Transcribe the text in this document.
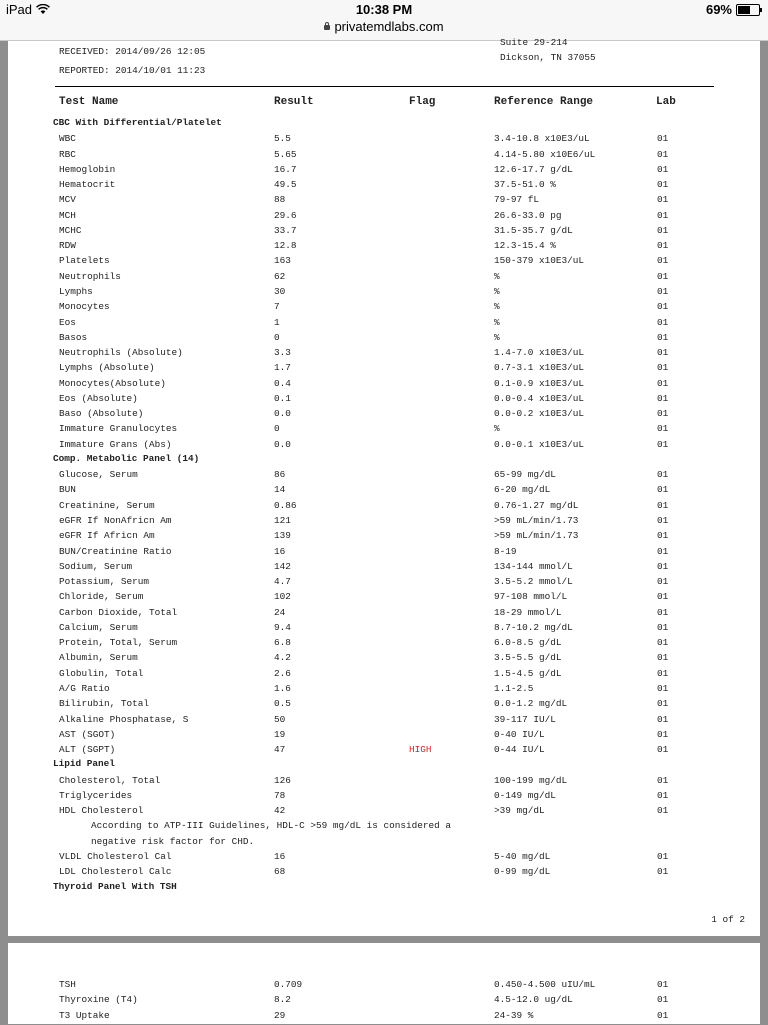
iPad	10:38 PM	69%
privatemdlabs.com
RECEIVED: 2014/09/26 12:05
REPORTED: 2014/10/01 11:23
Suite 29-214
Dickson, TN 37055
Test Name	Result	Flag	Reference Range	Lab
CBC With Differential/Platelet
WBC	5.5	3.4-10.8 x10E3/uL	01
RBC	5.65	4.14-5.80 x10E6/uL	01
Hemoglobin	16.7	12.6-17.7 g/dL	01
Hematocrit	49.5	37.5-51.0 %	01
MCV	88	79-97 fL	01
MCH	29.6	26.6-33.0 pg	01
MCHC	33.7	31.5-35.7 g/dL	01
RDW	12.8	12.3-15.4 %	01
Platelets	163	150-379 x10E3/uL	01
Neutrophils	62	%	01
Lymphs	30	%	01
Monocytes	7	%	01
Eos	1	%	01
Basos	0	%	01
Neutrophils (Absolute)	3.3	1.4-7.0 x10E3/uL	01
Lymphs (Absolute)	1.7	0.7-3.1 x10E3/uL	01
Monocytes(Absolute)	0.4	0.1-0.9 x10E3/uL	01
Eos (Absolute)	0.1	0.0-0.4 x10E3/uL	01
Baso (Absolute)	0.0	0.0-0.2 x10E3/uL	01
Immature Granulocytes	0	%	01
Immature Grans (Abs)	0.0	0.0-0.1 x10E3/uL	01
Comp. Metabolic Panel (14)
Glucose, Serum	86	65-99 mg/dL	01
BUN	14	6-20 mg/dL	01
Creatinine, Serum	0.86	0.76-1.27 mg/dL	01
eGFR If NonAfricn Am	121	>59 mL/min/1.73	01
eGFR If Africn Am	139	>59 mL/min/1.73	01
BUN/Creatinine Ratio	16	8-19	01
Sodium, Serum	142	134-144 mmol/L	01
Potassium, Serum	4.7	3.5-5.2 mmol/L	01
Chloride, Serum	102	97-108 mmol/L	01
Carbon Dioxide, Total	24	18-29 mmol/L	01
Calcium, Serum	9.4	8.7-10.2 mg/dL	01
Protein, Total, Serum	6.8	6.0-8.5 g/dL	01
Albumin, Serum	4.2	3.5-5.5 g/dL	01
Globulin, Total	2.6	1.5-4.5 g/dL	01
A/G Ratio	1.6	1.1-2.5	01
Bilirubin, Total	0.5	0.0-1.2 mg/dL	01
Alkaline Phosphatase, S	50	39-117 IU/L	01
AST (SGOT)	19	0-40 IU/L	01
ALT (SGPT)	47	HIGH	0-44 IU/L	01
Lipid Panel
Cholesterol, Total	126	100-199 mg/dL	01
Triglycerides	78	0-149 mg/dL	01
HDL Cholesterol	42	>39 mg/dL	01
According to ATP-III Guidelines, HDL-C >59 mg/dL is considered a
negative risk factor for CHD.
VLDL Cholesterol Cal	16	5-40 mg/dL	01
LDL Cholesterol Calc	68	0-99 mg/dL	01
Thyroid Panel With TSH
1 of 2
TSH	0.709	0.450-4.500 uIU/mL	01
Thyroxine (T4)	8.2	4.5-12.0 ug/dL	01
T3 Uptake	29	24-39 %	01
